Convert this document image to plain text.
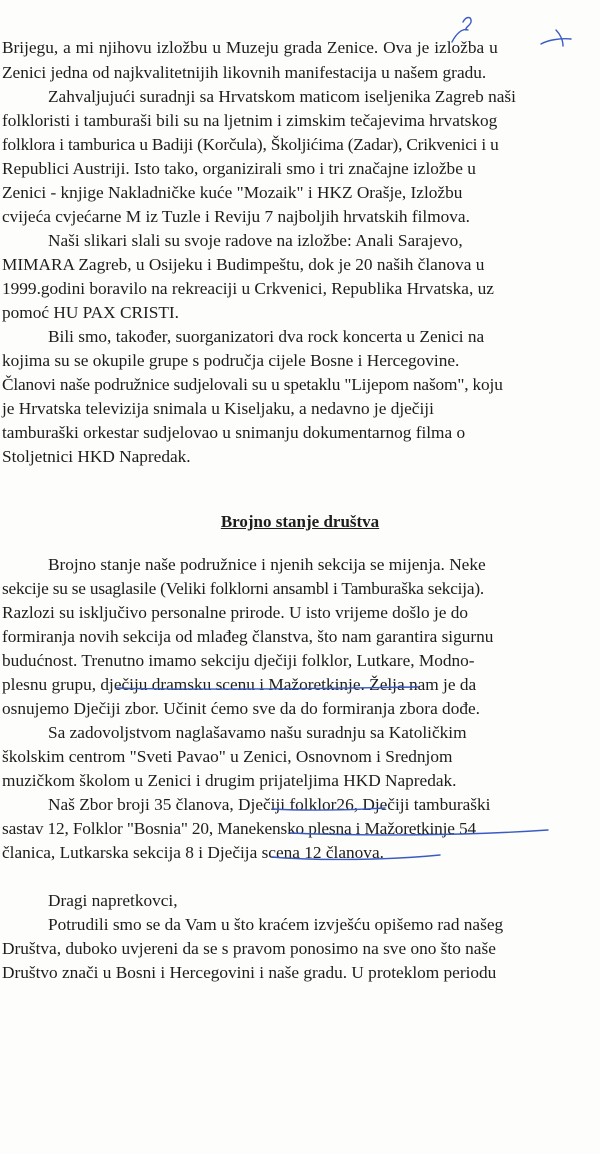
Brijegu, a mi njihovu izložbu u Muzeju grada Zenice. Ova je izložba u
Zenici jedna od najkvalitetnijih likovnih manifestacija u našem gradu.
Zahvaljujući suradnji sa Hrvatskom maticom iseljenika Zagreb naši
folkloristi i tamburaši bili su na ljetnim i zimskim tečajevima hrvatskog
folklora i tamburica u Badiji (Korčula), Školjićima (Zadar), Crikvenici i u
Republici Austriji. Isto tako, organizirali smo i tri značajne izložbe u
Zenici - knjige Nakladničke kuće "Mozaik" i HKZ Orašje, Izložbu
cvijeća cvjećarne M iz Tuzle i Reviju 7 najboljih hrvatskih filmova.
Naši slikari slali su svoje radove na izložbe: Anali Sarajevo,
MIMARA Zagreb, u Osijeku i Budimpeštu, dok je 20 naših članova u
1999.godini boravilo na rekreaciji u Crkvenici, Republika Hrvatska, uz
pomoć HU PAX CRISTI.
Bili smo, također, suorganizatori dva rock koncerta u Zenici na
kojima su se okupile grupe s područja cijele Bosne i Hercegovine.
Članovi naše podružnice sudjelovali su u spetaklu "Lijepom našom", koju
je Hrvatska televizija snimala u Kiseljaku, a nedavno je dječiji
tamburaški orkestar sudjelovao u snimanju dokumentarnog filma o
Stoljetnici HKD Napredak.
Brojno stanje društva
Brojno stanje naše podružnice i njenih sekcija se mijenja. Neke
sekcije su se usaglasile (Veliki folklorni ansambl i Tamburaška sekcija).
Razlozi su isključivo personalne prirode. U isto vrijeme došlo je do
formiranja novih sekcija od mlađeg članstva, što nam garantira sigurnu
budućnost. Trenutno imamo sekciju dječiji folklor, Lutkare, Modno-
plesnu grupu, dječiju dramsku scenu i Mažoretkinje. Želja nam je da
osnujemo Dječiji zbor. Učinit ćemo sve da do formiranja zbora dođe.
Sa zadovoljstvom naglašavamo našu suradnju sa Katoličkim
školskim centrom "Sveti Pavao" u Zenici, Osnovnom i Srednjom
muzičkom školom u Zenici i drugim prijateljima HKD Napredak.
Naš Zbor broji 35 članova, Dječiji folklor26, Dječiji tamburaški
sastav 12, Folklor "Bosnia" 20, Manekensko plesna i Mažoretkinje 54
članica, Lutkarska sekcija 8 i Dječija scena 12 članova.
Dragi napretkovci,
Potrudili smo se da Vam u što kraćem izvješću opišemo rad našeg
Društva, duboko uvjereni da se s pravom ponosimo na sve ono što naše
Društvo znači u Bosni i Hercegovini i naše gradu. U proteklom periodu
